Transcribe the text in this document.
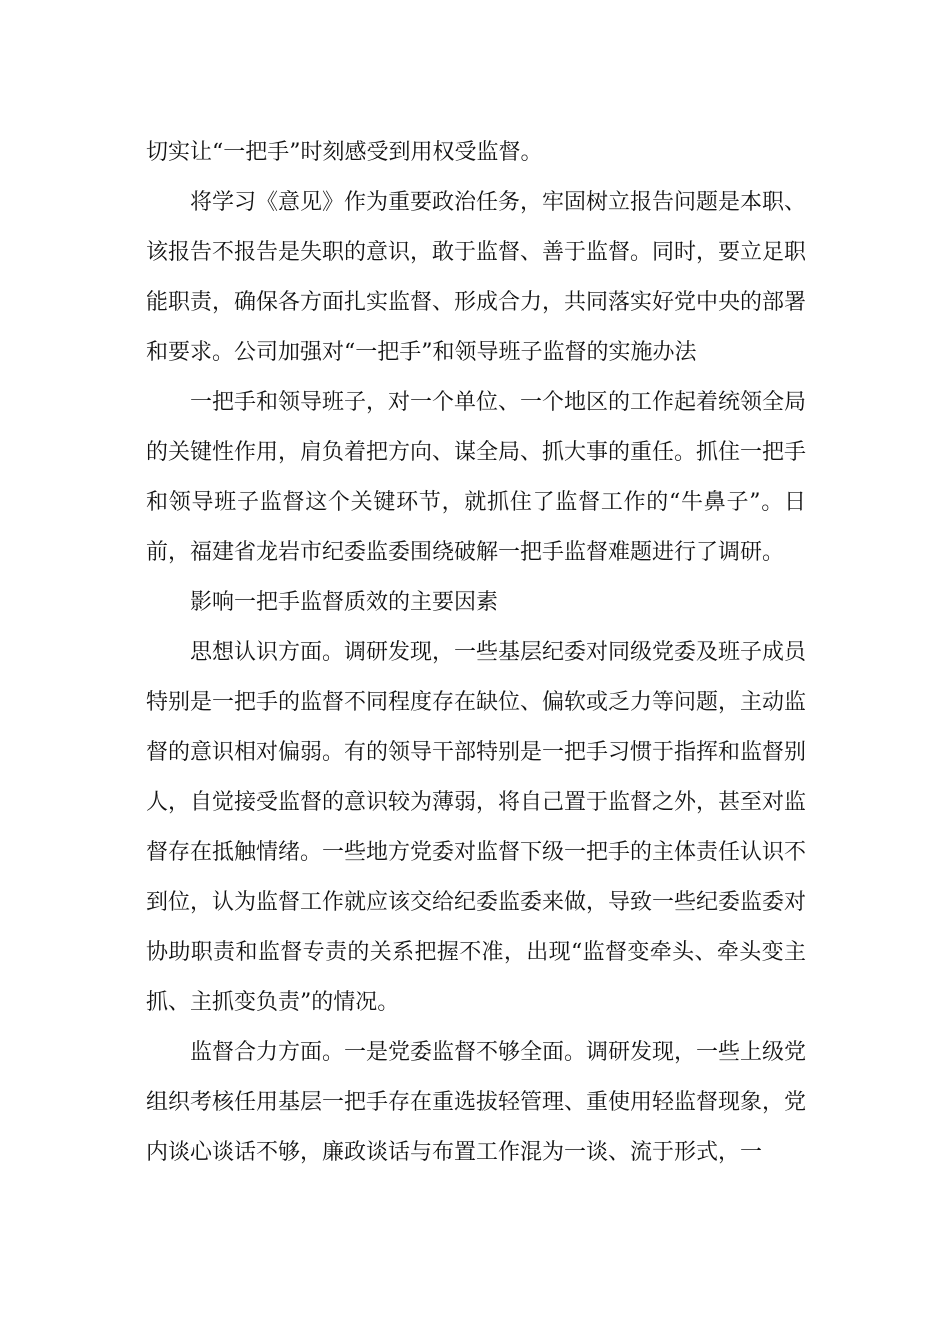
切实让“一把手”时刻感受到用权受监督。

将学习《意见》作为重要政治任务，牢固树立报告问题是本职、该报告不报告是失职的意识，敢于监督、善于监督。同时，要立足职能职责，确保各方面扎实监督、形成合力，共同落实好党中央的部署和要求。公司加强对“一把手”和领导班子监督的实施办法

一把手和领导班子，对一个单位、一个地区的工作起着统领全局的关键性作用，肩负着把方向、谋全局、抓大事的重任。抓住一把手和领导班子监督这个关键环节，就抓住了监督工作的“牛鼻子”。日前，福建省龙岩市纪委监委围绕破解一把手监督难题进行了调研。

影响一把手监督质效的主要因素

思想认识方面。调研发现，一些基层纪委对同级党委及班子成员特别是一把手的监督不同程度存在缺位、偏软或乏力等问题，主动监督的意识相对偏弱。有的领导干部特别是一把手习惯于指挥和监督别人，自觉接受监督的意识较为薄弱，将自己置于监督之外，甚至对监督存在抵触情绪。一些地方党委对监督下级一把手的主体责任认识不到位，认为监督工作就应该交给纪委监委来做，导致一些纪委监委对协助职责和监督专责的关系把握不准，出现“监督变牵头、牵头变主抓、主抓变负责”的情况。

监督合力方面。一是党委监督不够全面。调研发现，一些上级党组织考核任用基层一把手存在重选拔轻管理、重使用轻监督现象，党内谈心谈话不够，廉政谈话与布置工作混为一谈、流于形式，一
